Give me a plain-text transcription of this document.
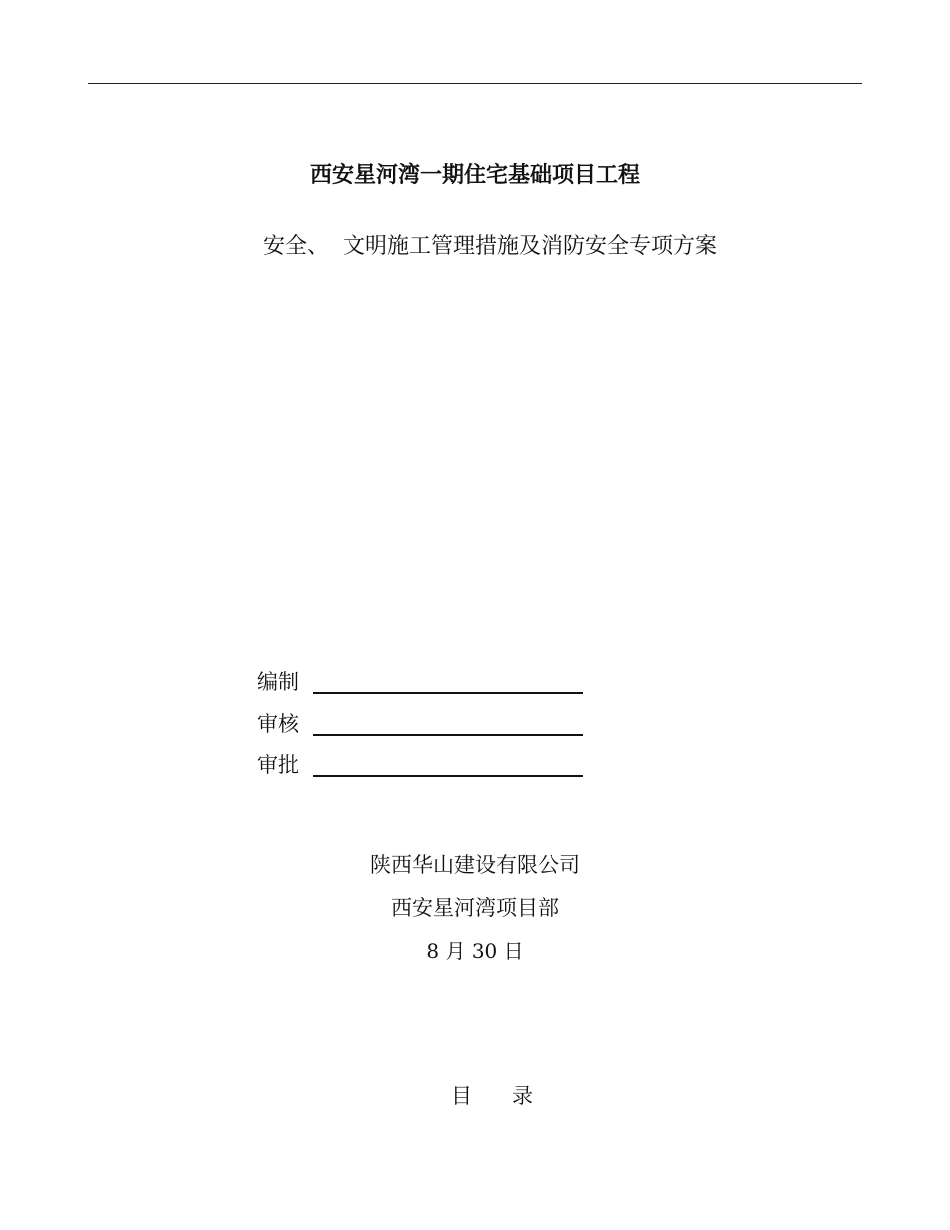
西安星河湾一期住宅基础项目工程
安全、  文明施工管理措施及消防安全专项方案
编制
审核
审批
陕西华山建设有限公司
西安星河湾项目部
8 月 30 日
目      录
